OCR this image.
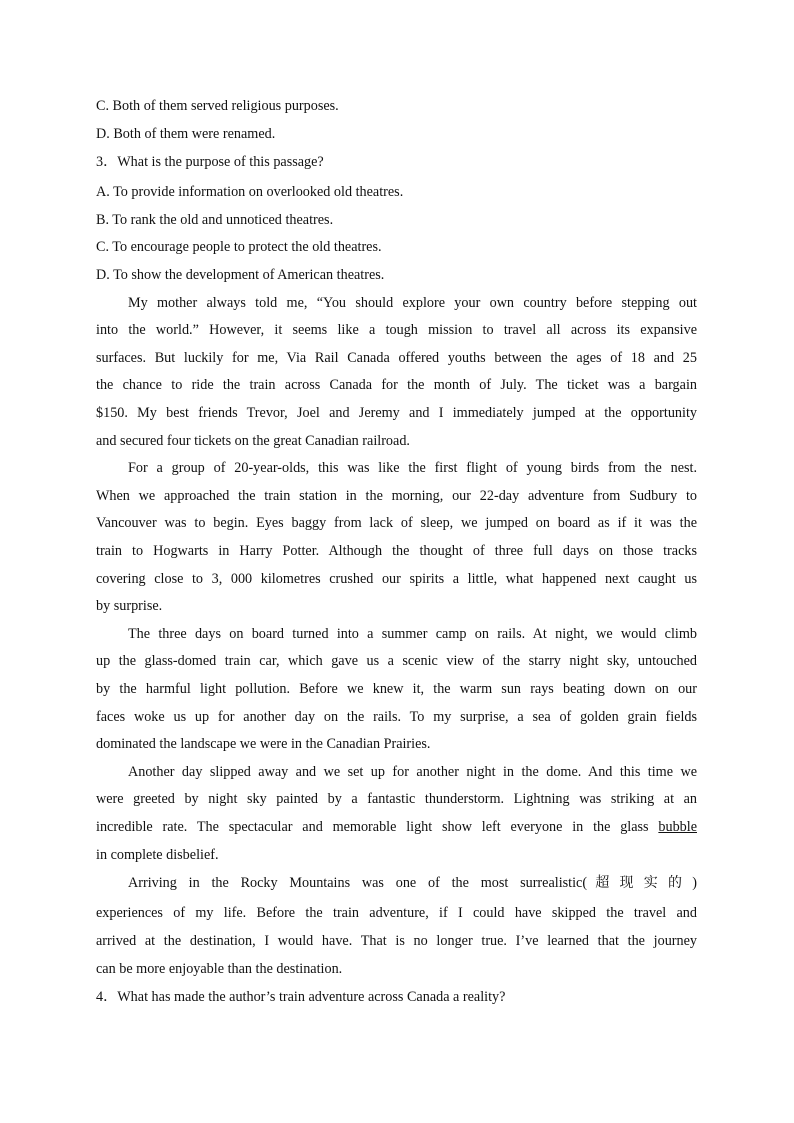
C. Both of them served religious purposes.
D. Both of them were renamed.
3．What is the purpose of this passage?
A. To provide information on overlooked old theatres.
B. To rank the old and unnoticed theatres.
C. To encourage people to protect the old theatres.
D. To show the development of American theatres.
My mother always told me, “You should explore your own country before stepping out
into the world.” However, it seems like a tough mission to travel all across its expansive
surfaces. But luckily for me, Via Rail Canada offered youths between the ages of 18 and 25
the chance to ride the train across Canada for the month of July. The ticket was a bargain
$150. My best friends Trevor, Joel and Jeremy and I immediately jumped at the opportunity
and secured four tickets on the great Canadian railroad.
For a group of 20-year-olds, this was like the first flight of young birds from the nest.
When we approached the train station in the morning, our 22-day adventure from Sudbury to
Vancouver was to begin. Eyes baggy from lack of sleep, we jumped on board as if it was the
train to Hogwarts in Harry Potter. Although the thought of three full days on those tracks
covering close to 3, 000 kilometres crushed our spirits a little, what happened next caught us
by surprise.
The three days on board turned into a summer camp on rails. At night, we would climb
up the glass-domed train car, which gave us a scenic view of the starry night sky, untouched
by the harmful light pollution. Before we knew it, the warm sun rays beating down on our
faces woke us up for another day on the rails. To my surprise, a sea of golden grain fields
dominated the landscape we were in the Canadian Prairies.
Another day slipped away and we set up for another night in the dome. And this time we
were greeted by night sky painted by a fantastic thunderstorm. Lightning was striking at an
incredible rate. The spectacular and memorable light show left everyone in the glass bubble
in complete disbelief.
Arriving in the Rocky Mountains was one of the most surrealistic(超现实的)
experiences of my life. Before the train adventure, if I could have skipped the travel and
arrived at the destination, I would have. That is no longer true. I’ve learned that the journey
can be more enjoyable than the destination.
4．What has made the author’s train adventure across Canada a reality?
